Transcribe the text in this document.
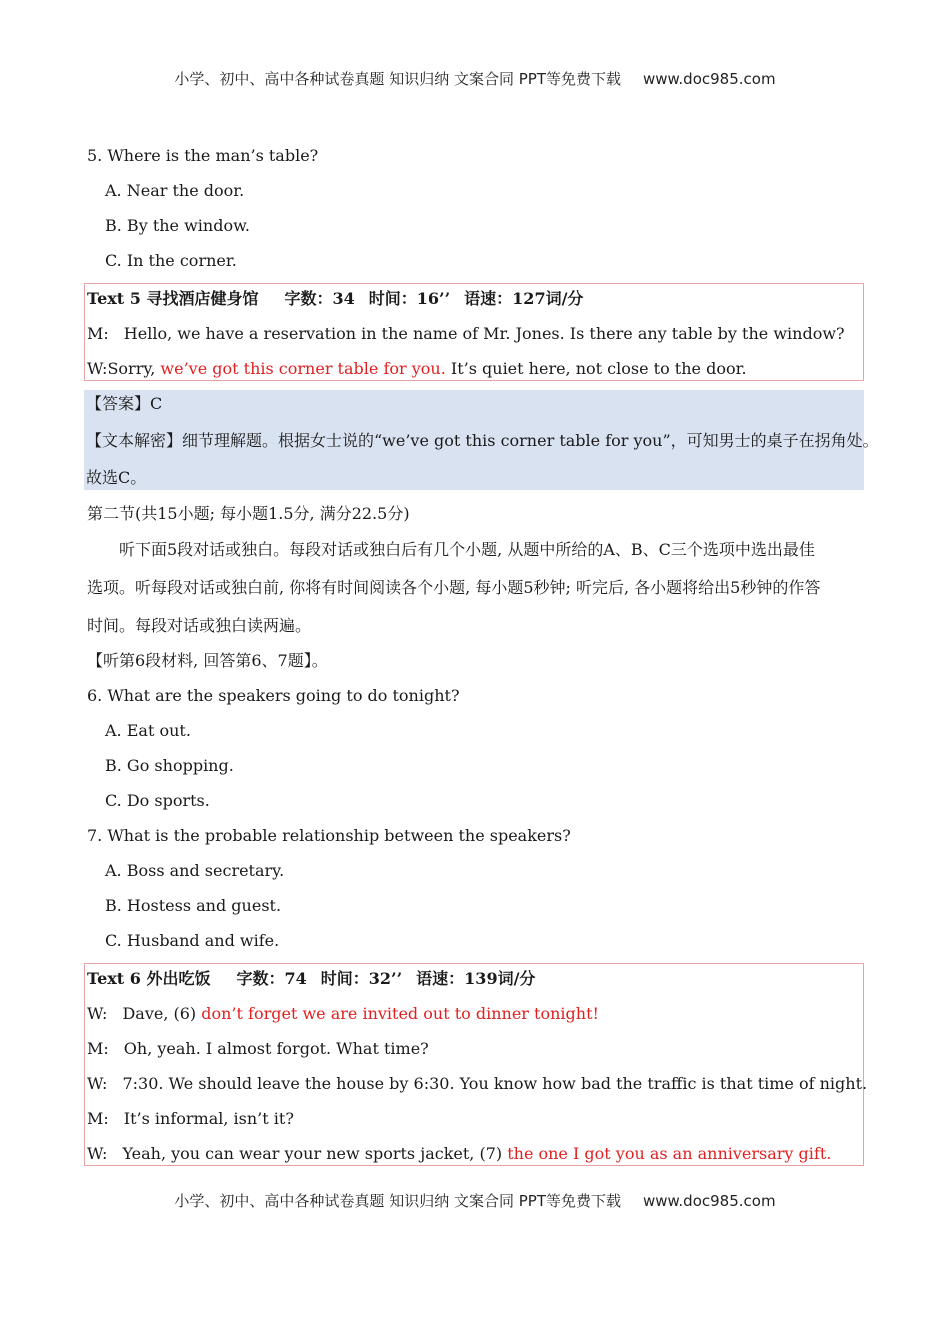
小学、初中、高中各种试卷真题 知识归纳 文案合同 PPT等免费下载 www.doc985.com
5. Where is the man’s table?
A. Near the door.
B. By the window.
C. In the corner.
Text 5 寻找酒店健身馆 字数：34 时间：16’’ 语速：127词/分
M: Hello, we have a reservation in the name of Mr. Jones. Is there any table by the window?
W:Sorry, we’ve got this corner table for you. It’s quiet here, not close to the door.
【答案】C
【文本解密】细节理解题。根据女士说的“we’ve got this corner table for you”，可知男士的桌子在拐角处。
故选C。
第二节(共15小题; 每小题1.5分, 满分22.5分)
听下面5段对话或独白。每段对话或独白后有几个小题, 从题中所给的A、B、C三个选项中选出最佳
选项。听每段对话或独白前, 你将有时间阅读各个小题, 每小题5秒钟; 听完后, 各小题将给出5秒钟的作答
时间。每段对话或独白读两遍。
【听第6段材料, 回答第6、7题】。
6. What are the speakers going to do tonight?
A. Eat out.
B. Go shopping.
C. Do sports.
7. What is the probable relationship between the speakers?
A. Boss and secretary.
B. Hostess and guest.
C. Husband and wife.
Text 6 外出吃饭 字数：74 时间：32’’ 语速：139词/分
W: Dave, (6) don’t forget we are invited out to dinner tonight!
M: Oh, yeah. I almost forgot. What time?
W: 7:30. We should leave the house by 6:30. You know how bad the traffic is that time of night.
M: It’s informal, isn’t it?
W: Yeah, you can wear your new sports jacket, (7) the one I got you as an anniversary gift.
小学、初中、高中各种试卷真题 知识归纳 文案合同 PPT等免费下载 www.doc985.com
